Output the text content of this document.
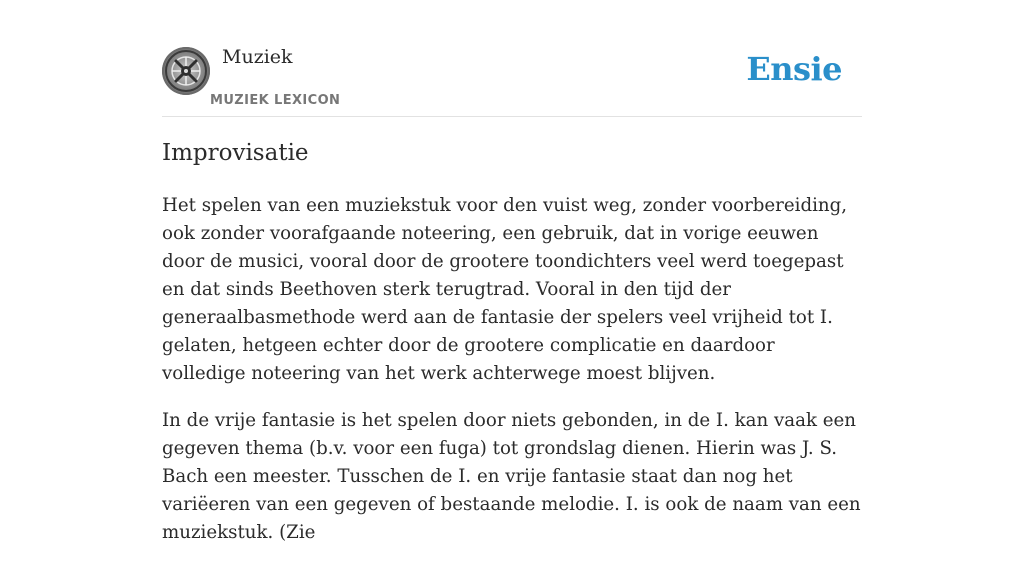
Muziek
MUZIEK LEXICON
Ensie
Improvisatie

Het spelen van een muziekstuk voor den vuist weg, zonder voorbereiding, ook zonder voorafgaande noteering, een gebruik, dat in vorige eeuwen door de musici, vooral door de grootere toondichters veel werd toegepast en dat sinds Beethoven sterk terugtrad. Vooral in den tijd der generaalbasmethode werd aan de fantasie der spelers veel vrijheid tot I. gelaten, hetgeen echter door de grootere complicatie en daardoor volledige noteering van het werk achterwege moest blijven.

In de vrije fantasie is het spelen door niets gebonden, in de I. kan vaak een gegeven thema (b.v. voor een fuga) tot grondslag dienen. Hierin was J. S. Bach een meester. Tusschen de I. en vrije fantasie staat dan nog het variëeren van een gegeven of bestaande melodie. I. is ook de naam van een muziekstuk. (Zie
